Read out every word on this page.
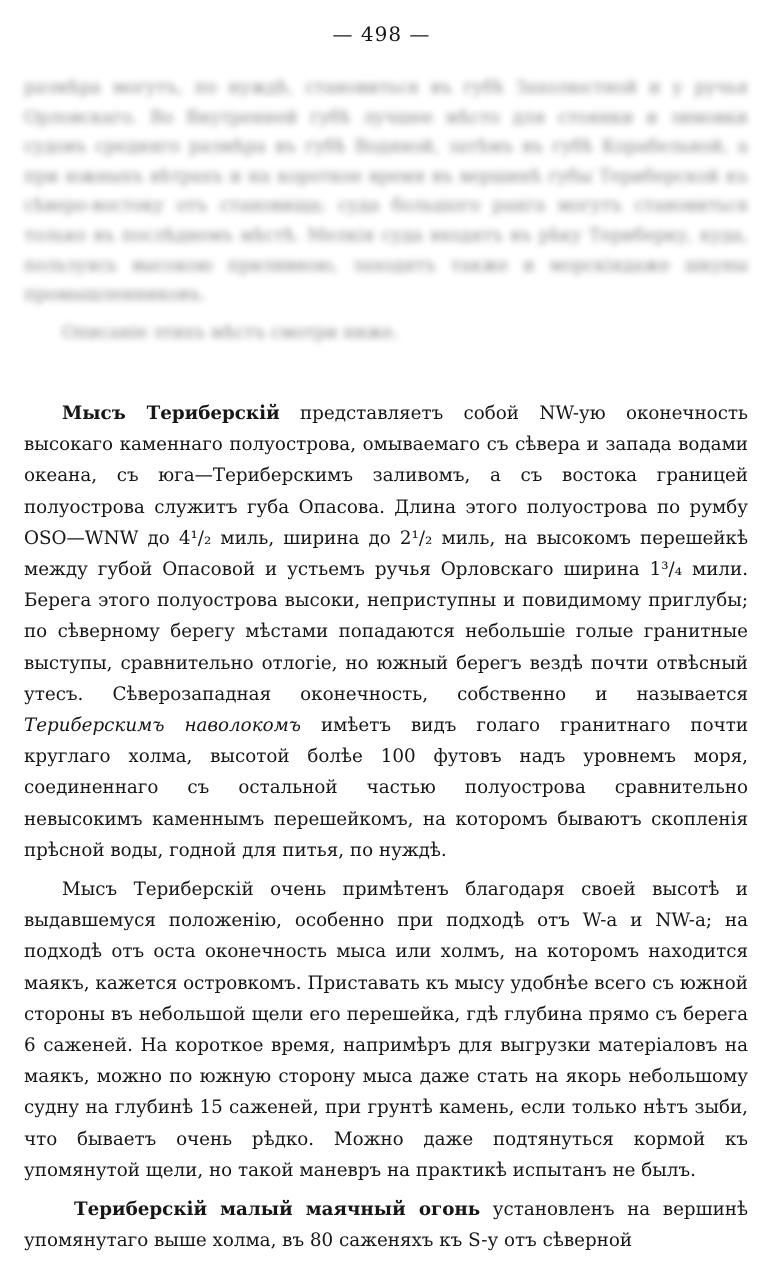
— 498 —

размѣра могутъ, по нуждѣ, становиться въ губѣ Захолюстной и у ручья Орловскаго. Во Внутренней губѣ лучшее мѣсто для стоянки и зимовки судовъ средняго размѣра въ губѣ Водяной, затѣмъ въ губѣ Корабельной, а при южныхъ вѣтрахъ и на короткое время въ вершинѣ губы Териберской къ сѣверо-востоку отъ становища; суда большого ранга могутъ становиться только въ послѣднемъ мѣстѣ. Мелкія суда входятъ въ рѣку Териберку, куда, пользуясь высокою приливною, заходятъ также и морскіядаже шкуны промышленниковъ.

Описаніе этихъ мѣстъ смотри ниже.

Мысъ Териберскій представляетъ собой NW-ую оконечность высокаго каменнаго полуострова, омываемаго съ сѣвера и запада водами океана, съ юга—Териберскимъ заливомъ, а съ востока границей полуострова служитъ губа Опасова. Длина этого полуострова по румбу OSO—WNW до 4¹/₂ миль, ширина до 2¹/₂ миль, на высокомъ перешейкѣ между губой Опасовой и устьемъ ручья Орловскаго ширина 1³/₄ мили. Берега этого полуострова высоки, неприступны и повидимому приглубы; по сѣверному берегу мѣстами попадаются небольшіе голые гранитные выступы, сравнительно отлогіе, но южный берегъ вездѣ почти отвѣсный утесъ. Сѣверозападная оконечность, собственно и называется Териберскимъ наволокомъ имѣетъ видъ голаго гранитнаго почти круглаго холма, высотой болѣе 100 футовъ надъ уровнемъ моря, соединеннаго съ остальной частью полуострова сравнительно невысокимъ каменнымъ перешейкомъ, на которомъ бываютъ скопленія прѣсной воды, годной для питья, по нуждѣ.

Мысъ Териберскій очень примѣтенъ благодаря своей высотѣ и выдавшемуся положенію, особенно при подходѣ отъ W-а и NW-а; на подходѣ отъ оста оконечность мыса или холмъ, на которомъ находится маякъ, кажется островкомъ. Приставать къ мысу удобнѣе всего съ южной стороны въ небольшой щели его перешейка, гдѣ глубина прямо съ берега 6 саженей. На короткое время, напримѣръ для выгрузки матеріаловъ на маякъ, можно по южную сторону мыса даже стать на якорь небольшому судну на глубинѣ 15 саженей, при грунтѣ камень, если только нѣтъ зыби, что бываетъ очень рѣдко. Можно даже подтянуться кормой къ упомянутой щели, но такой маневръ на практикѣ испытанъ не былъ.

Териберскій малый маячный огонь установленъ на вершинѣ упомянутаго выше холма, въ 80 саженяхъ къ S-у отъ сѣверной
